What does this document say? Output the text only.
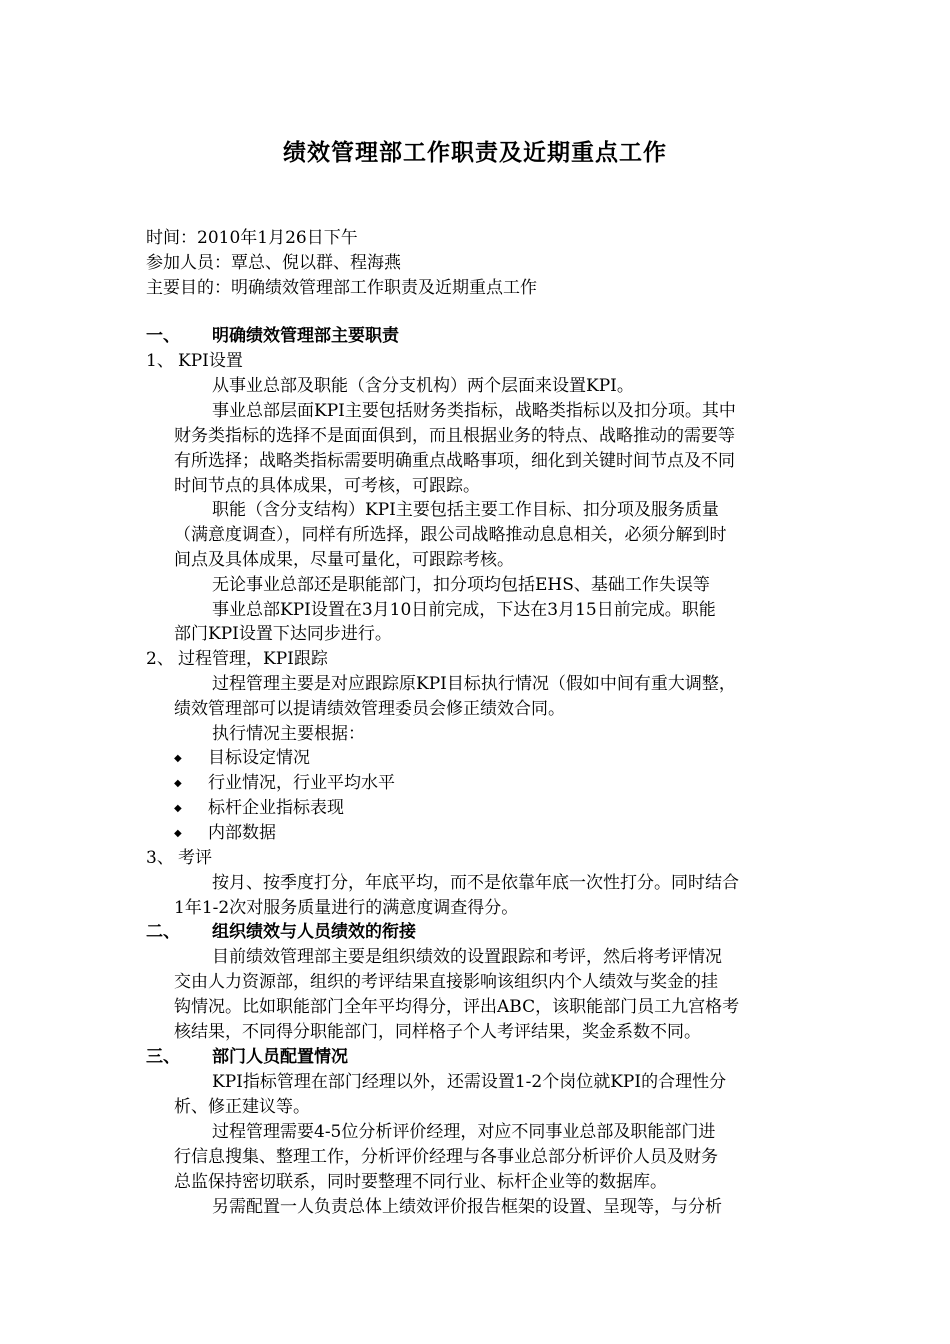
绩效管理部工作职责及近期重点工作
时间：2010年1月26日下午
参加人员：覃总、倪以群、程海燕
主要目的：明确绩效管理部工作职责及近期重点工作
一、 明确绩效管理部主要职责
1、 KPI设置
从事业总部及职能（含分支机构）两个层面来设置KPI。
事业总部层面KPI主要包括财务类指标，战略类指标以及扣分项。其中
财务类指标的选择不是面面俱到，而且根据业务的特点、战略推动的需要等
有所选择；战略类指标需要明确重点战略事项，细化到关键时间节点及不同
时间节点的具体成果，可考核，可跟踪。
职能（含分支结构）KPI主要包括主要工作目标、扣分项及服务质量
（满意度调查），同样有所选择，跟公司战略推动息息相关，必须分解到时
间点及具体成果，尽量可量化，可跟踪考核。
无论事业总部还是职能部门，扣分项均包括EHS、基础工作失误等
事业总部KPI设置在3月10日前完成，下达在3月15日前完成。职能
部门KPI设置下达同步进行。
2、 过程管理，KPI跟踪
过程管理主要是对应跟踪原KPI目标执行情况（假如中间有重大调整，
绩效管理部可以提请绩效管理委员会修正绩效合同。
执行情况主要根据：
◆ 目标设定情况
◆ 行业情况，行业平均水平
◆ 标杆企业指标表现
◆ 内部数据
3、 考评
按月、按季度打分，年底平均，而不是依靠年底一次性打分。同时结合
1年1-2次对服务质量进行的满意度调查得分。
二、 组织绩效与人员绩效的衔接
目前绩效管理部主要是组织绩效的设置跟踪和考评，然后将考评情况
交由人力资源部，组织的考评结果直接影响该组织内个人绩效与奖金的挂
钩情况。比如职能部门全年平均得分，评出ABC，该职能部门员工九宫格考
核结果，不同得分职能部门，同样格子个人考评结果，奖金系数不同。
三、 部门人员配置情况
KPI指标管理在部门经理以外，还需设置1-2个岗位就KPI的合理性分
析、修正建议等。
过程管理需要4-5位分析评价经理，对应不同事业总部及职能部门进
行信息搜集、整理工作，分析评价经理与各事业总部分析评价人员及财务
总监保持密切联系，同时要整理不同行业、标杆企业等的数据库。
另需配置一人负责总体上绩效评价报告框架的设置、呈现等，与分析
